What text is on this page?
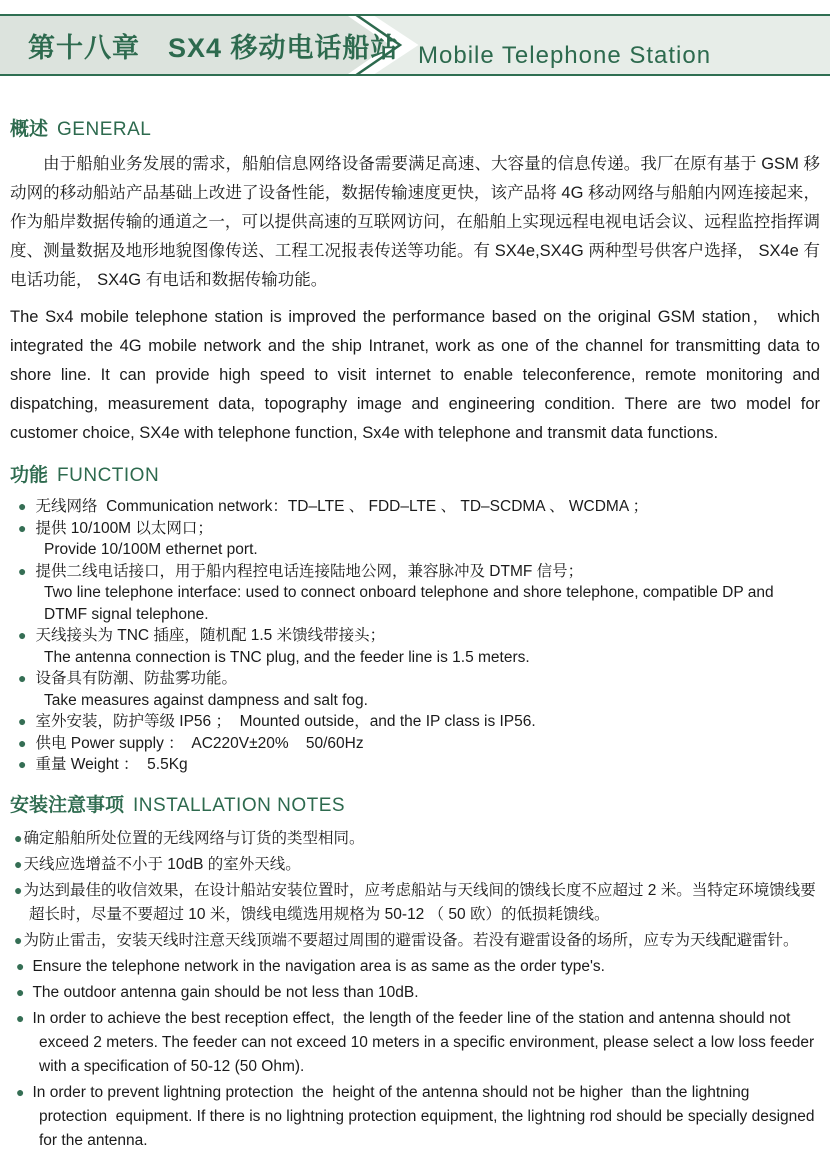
第十八章 SX4 移动电话船站 Mobile Telephone Station
概述 GENERAL

由于船舶业务发展的需求，船舶信息网络设备需要满足高速、大容量的信息传递。我厂在原有基于 GSM 移动网的移动船站产品基础上改进了设备性能，数据传输速度更快，该产品将 4G 移动网络与船舶内网连接起来，作为船岸数据传输的通道之一，可以提供高速的互联网访问，在船舶上实现远程电视电话会议、远程监控指挥调度、测量数据及地形地貌图像传送、工程工况报表传送等功能。有 SX4e,SX4G 两种型号供客户选择， SX4e 有电话功能， SX4G 有电话和数据传输功能。

The Sx4 mobile telephone station is improved the performance based on the original GSM station， which integrated the 4G mobile network and the ship Intranet, work as one of the channel for transmitting data to shore line. It can provide high speed to visit internet to enable teleconference, remote monitoring and dispatching, measurement data, topography image and engineering condition. There are two model for customer choice, SX4e with telephone function, Sx4e with telephone and transmit data functions.

功能 FUNCTION
● 无线网络  Communication network：TD–LTE 、 FDD–LTE 、 TD–SCDMA 、 WCDMA ；
● 提供 10/100M 以太网口；
Provide 10/100M ethernet port.
● 提供二线电话接口，用于船内程控电话连接陆地公网，兼容脉冲及 DTMF 信号；
Two line telephone interface: used to connect onboard telephone and shore telephone, compatible DP and DTMF signal telephone.
● 天线接头为 TNC 插座，随机配 1.5 米馈线带接头；
The antenna connection is TNC plug, and the feeder line is 1.5 meters.
● 设备具有防潮、防盐雾功能。
Take measures against dampness and salt fog.
● 室外安装，防护等级 IP56 ；  Mounted outside，and the IP class is IP56.
● 供电 Power supply ：  AC220V±20%    50/60Hz
● 重量 Weight ：  5.5Kg
安装注意事项 INSTALLATION NOTES
●确定船舶所处位置的无线网络与订货的类型相同。
●天线应选增益不小于 10dB 的室外天线。
●为达到最佳的收信效果，在设计船站安装位置时，应考虑船站与天线间的馈线长度不应超过 2 米。当特定环境馈线要超长时，尽量不要超过 10 米，馈线电缆选用规格为 50-12 （ 50 欧）的低损耗馈线。
●为防止雷击，安装天线时注意天线顶端不要超过周围的避雷设备。若没有避雷设备的场所，应专为天线配避雷针。
● Ensure the telephone network in the navigation area is as same as the order type's.
● The outdoor antenna gain should be not less than 10dB.
● In order to achieve the best reception effect,  the length of the feeder line of the station and antenna should not exceed 2 meters. The feeder can not exceed 10 meters in a specific environment, please select a low loss feeder with a specification of 50-12 (50 Ohm).
● In order to prevent lightning protection  the  height of the antenna should not be higher  than the lightning protection  equipment. If there is no lightning protection equipment, the lightning rod should be specially designed for the antenna.
